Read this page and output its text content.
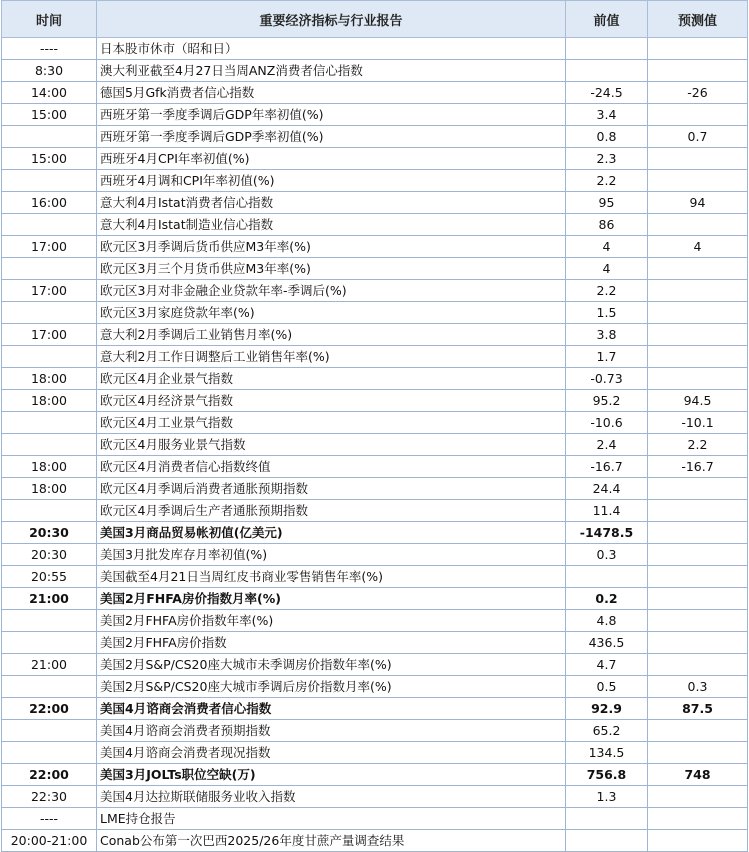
时间	重要经济指标与行业报告	前值	预测值
----	日本股市休市（昭和日）		
8:30	澳大利亚截至4月27日当周ANZ消费者信心指数		
14:00	德国5月Gfk消费者信心指数	-24.5	-26
15:00	西班牙第一季度季调后GDP年率初值(%)	3.4	
	西班牙第一季度季调后GDP季率初值(%)	0.8	0.7
15:00	西班牙4月CPI年率初值(%)	2.3	
	西班牙4月调和CPI年率初值(%)	2.2	
16:00	意大利4月Istat消费者信心指数	95	94
	意大利4月Istat制造业信心指数	86	
17:00	欧元区3月季调后货币供应M3年率(%)	4	4
	欧元区3月三个月货币供应M3年率(%)	4	
17:00	欧元区3月对非金融企业贷款年率-季调后(%)	2.2	
	欧元区3月家庭贷款年率(%)	1.5	
17:00	意大利2月季调后工业销售月率(%)	3.8	
	意大利2月工作日调整后工业销售年率(%)	1.7	
18:00	欧元区4月企业景气指数	-0.73	
18:00	欧元区4月经济景气指数	95.2	94.5
	欧元区4月工业景气指数	-10.6	-10.1
	欧元区4月服务业景气指数	2.4	2.2
18:00	欧元区4月消费者信心指数终值	-16.7	-16.7
18:00	欧元区4月季调后消费者通胀预期指数	24.4	
	欧元区4月季调后生产者通胀预期指数	11.4	
20:30	美国3月商品贸易帐初值(亿美元)	-1478.5	
20:30	美国3月批发库存月率初值(%)	0.3	
20:55	美国截至4月21日当周红皮书商业零售销售年率(%)		
21:00	美国2月FHFA房价指数月率(%)	0.2	
	美国2月FHFA房价指数年率(%)	4.8	
	美国2月FHFA房价指数	436.5	
21:00	美国2月S&P/CS20座大城市未季调房价指数年率(%)	4.7	
	美国2月S&P/CS20座大城市季调后房价指数月率(%)	0.5	0.3
22:00	美国4月谘商会消费者信心指数	92.9	87.5
	美国4月谘商会消费者预期指数	65.2	
	美国4月谘商会消费者现况指数	134.5	
22:00	美国3月JOLTs职位空缺(万)	756.8	748
22:30	美国4月达拉斯联储服务业收入指数	1.3	
----	LME持仓报告		
20:00-21:00	Conab公布第一次巴西2025/26年度甘蔗产量调查结果		
